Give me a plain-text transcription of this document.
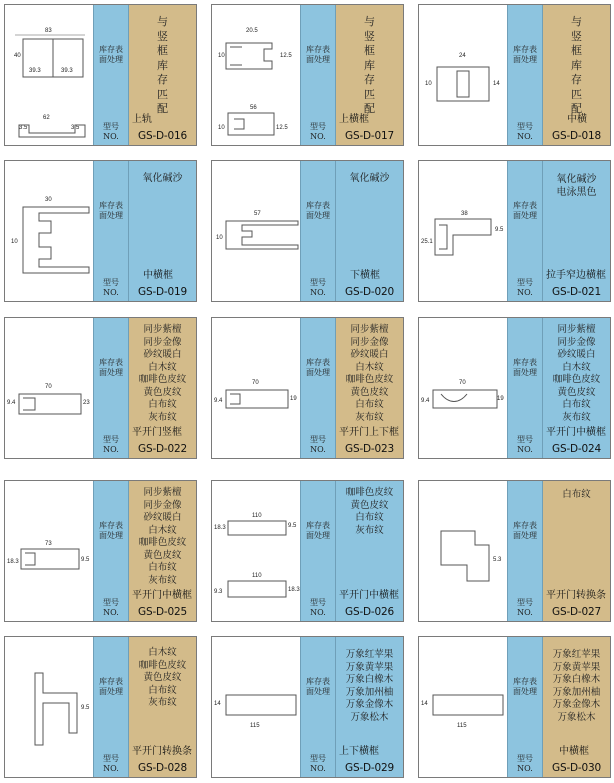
83
40
39.3	39.3
62
3.5	3.5
库存表面处理
型号
NO.
与
竖
框
库
存
匹
配
上轨
GS-D-016
20.5
10	12.5
56
10	12.5
库存表面处理
型号
NO.
与
竖
框
库
存
匹
配
上横框
GS-D-017
24
10	14
库存表面处理
型号
NO.
与
竖
框
库
存
匹
配
中横
GS-D-018
30
10
库存表面处理
型号
NO.
氧化碱沙
中横框
GS-D-019
57
10
库存表面处理
型号
NO.
氧化碱沙
下横框
GS-D-020
38
25.1
9.5
库存表面处理
型号
NO.
氧化碱沙
电泳黑色
拉手窄边横框
GS-D-021
70
9.4	23
库存表面处理
型号
NO.
同步紫檀
同步金像
砂纹暖白
白木纹
咖啡色皮纹
黄色皮纹
白布纹
灰布纹
平开门竖框
GS-D-022
70
9.4	19
库存表面处理
型号
NO.
同步紫檀
同步金像
砂纹暖白
白木纹
咖啡色皮纹
黄色皮纹
白布纹
灰布纹
平开门上下框
GS-D-023
70
9.4	19
库存表面处理
型号
NO.
同步紫檀
同步金像
砂纹暖白
白木纹
咖啡色皮纹
黄色皮纹
白布纹
灰布纹
平开门中横框
GS-D-024
73
18.3	9.5
库存表面处理
型号
NO.
同步紫檀
同步金像
砂纹暖白
白木纹
咖啡色皮纹
黄色皮纹
白布纹
灰布纹
平开门中横框
GS-D-025
110
18.3	9.5
110
9.3	18.3
库存表面处理
型号
NO.
咖啡色皮纹
黄色皮纹
白布纹
灰布纹
平开门中横框
GS-D-026
5.3
库存表面处理
型号
NO.
白布纹
平开门转换条
GS-D-027
9.5
库存表面处理
型号
NO.
白木纹
咖啡色皮纹
黄色皮纹
白布纹
灰布纹
平开门转换条
GS-D-028
14
115
库存表面处理
型号
NO.
万象红苹果
万象黄苹果
万象白橡木
万象加州柚
万象金像木
万象松木
上下横框
GS-D-029
14
115
库存表面处理
型号
NO.
万象红苹果
万象黄苹果
万象白橡木
万象加州柚
万象金像木
万象松木
中横框
GS-D-030
